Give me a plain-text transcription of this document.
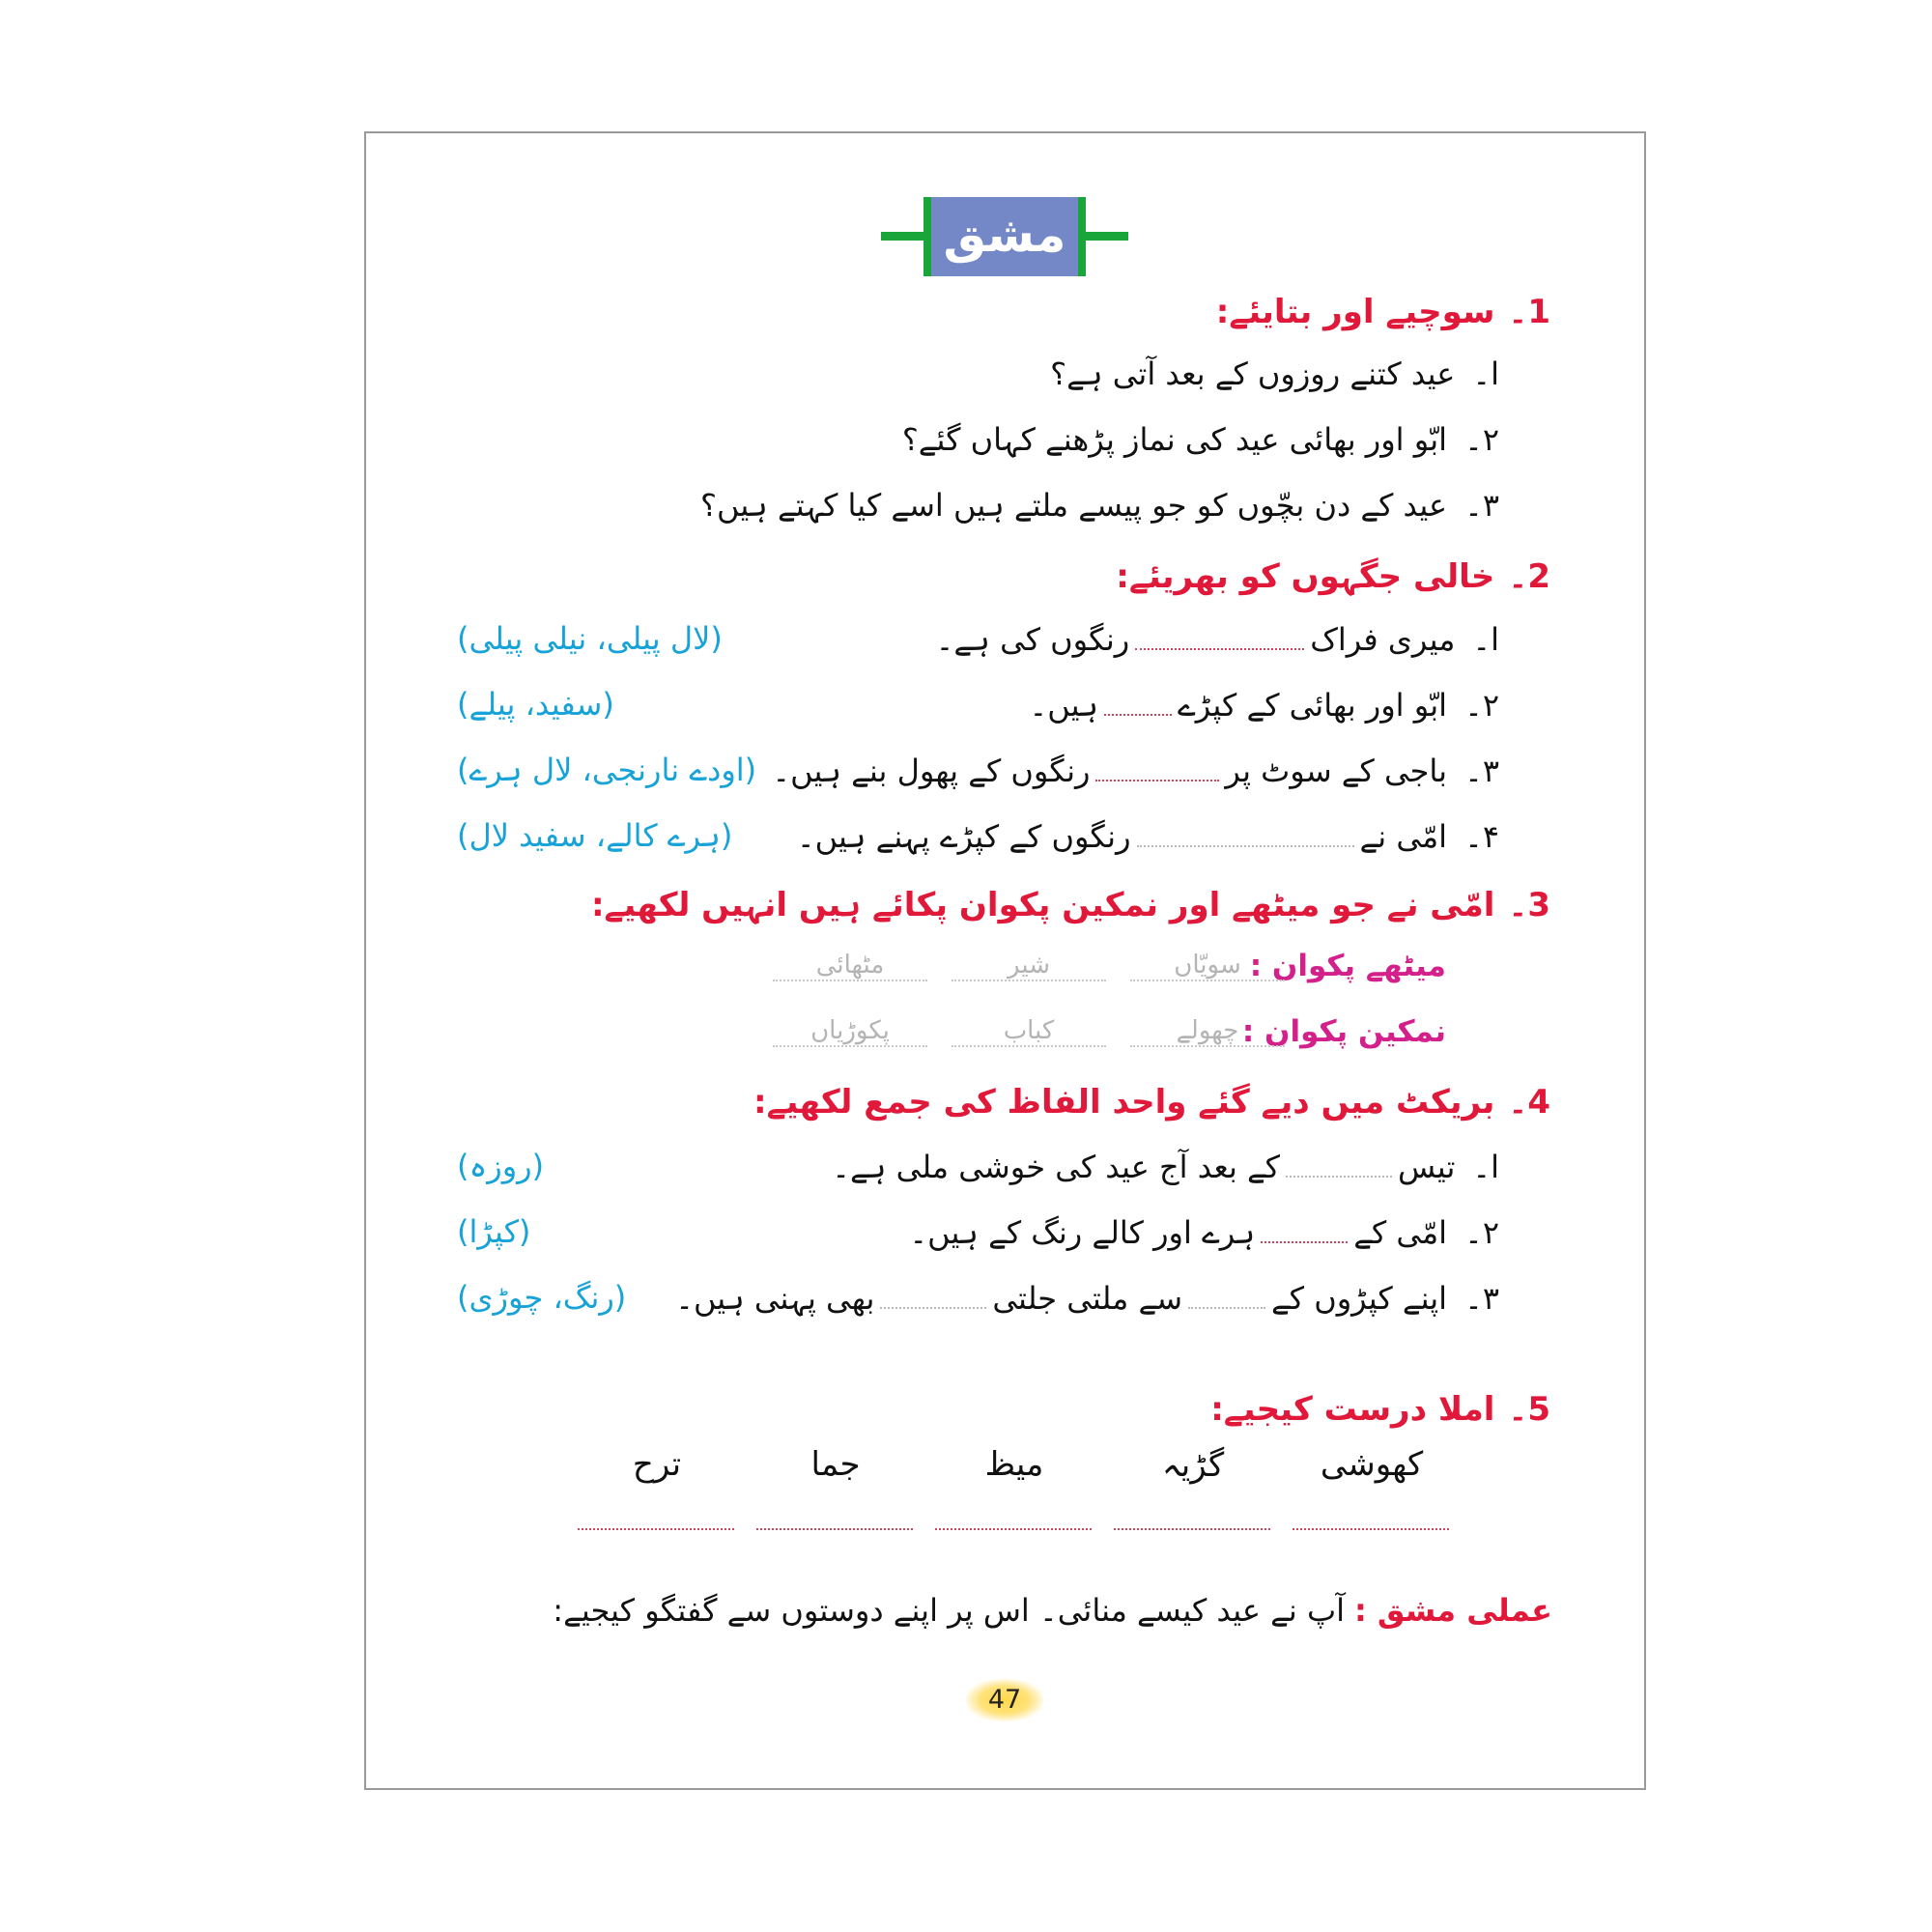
مشق
1۔سوچیے اور بتایئے:
ا۔عید کتنے روزوں کے بعد آتی ہے؟
۲۔ابّو اور بھائی عید کی نماز پڑھنے کہاں گئے؟
۳۔عید کے دن بچّوں کو جو پیسے ملتے ہیں اسے کیا کہتے ہیں؟
2۔خالی جگہوں کو بھریئے:
ا۔میری فراکرنگوں کی ہے۔
(لال پیلی، نیلی پیلی)
۲۔ابّو اور بھائی کے کپڑےہیں۔
(سفید، پیلے)
۳۔باجی کے سوٹ پررنگوں کے پھول بنے ہیں۔
(اودے نارنجی، لال ہرے)
۴۔امّی نےرنگوں کے کپڑے پہنے ہیں۔
(ہرے کالے، سفید لال)
3۔امّی نے جو میٹھے اور نمکین پکوان پکائے ہیں انہیں لکھیے:
میٹھے پکوان :
سویّاں
شیر
مٹھائی
نمکین پکوان :
چھولے
کباب
پکوڑیاں
4۔بریکٹ میں دیے گئے واحد الفاظ کی جمع لکھیے:
ا۔تیسکے بعد آج عید کی خوشی ملی ہے۔
(روزہ)
۲۔امّی کےہرے اور کالے رنگ کے ہیں۔
(کپڑا)
۳۔اپنے کپڑوں کےسے ملتی جلتیبھی پہنی ہیں۔
(رنگ، چوڑی)
5۔املا درست کیجیے:
کھوشی
گڑیہ
میظ
جما
ترح
عملی مشق :آپ نے عید کیسے منائی۔ اس پر اپنے دوستوں سے گفتگو کیجیے:
47
